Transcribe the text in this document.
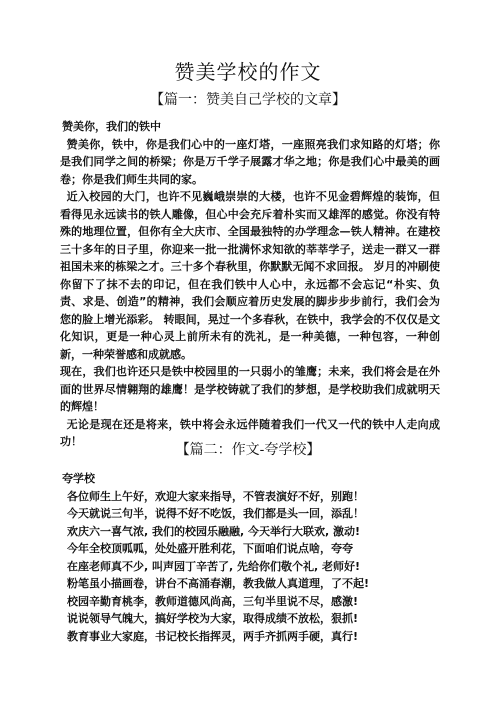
赞美学校的作文
【篇一：赞美自己学校的文章】

赞美你，我们的铁中

赞美你，铁中，你是我们心中的一座灯塔，一座照亮我们求知路的灯塔；你是我们同学之间的桥梁；你是万千学子展露才华之地；你是我们心中最美的画卷；你是我们师生共同的家。

近入校园的大门，也许不见巍峨崇崇的大楼，也许不见金碧辉煌的装饰，但看得见永远读书的铁人雕像，但心中会充斥着朴实而又雄浑的感觉。你没有特殊的地理位置，但你有全大庆市、全国最独特的办学理念—铁人精神。在建校三十多年的日子里，你迎来一批一批满怀求知欲的莘莘学子，送走一群又一群祖国未来的栋梁之才。三十多个春秋里，你默默无闻不求回报。 岁月的冲刷使你留下了抹不去的印记，但在我们铁中人心中，永远都不会忘记“朴实、负责、求是、创造”的精神，我们会顺应着历史发展的脚步步步前行，我们会为您的脸上增光添彩。 转眼间，晃过一个多春秋，在铁中，我学会的不仅仅是文化知识，更是一种心灵上前所未有的洗礼，是一种美德，一种包容，一种创新，一种荣誉感和成就感。

现在，我们也许还只是铁中校园里的一只弱小的雏鹰；未来，我们将会是在外面的世界尽情翱翔的雄鹰！是学校铸就了我们的梦想，是学校助我们成就明天的辉煌！

无论是现在还是将来，铁中将会永远伴随着我们一代又一代的铁中人走向成功！

【篇二：作文-夸学校】

夸学校

各位师生上午好，欢迎大家来指导，不管表演好不好，别跑！

今天就说三句半，说得不好不吃饭，我们都是头一回，添乱！

欢庆六一喜气浓, 我们的校园乐融融, 今天举行大联欢, 激动!

今年全校顶呱呱，处处盛开胜利花，下面咱们说点啥，夸夸

在座老师真不少, 叫声园丁辛苦了, 先给你们敬个礼, 老师好!

粉笔虽小描画卷，讲台不高涌春潮，教我做人真道理，了不起!

校园辛勤育桃李，教师道德风尚高，三句半里说不尽，感激!

说说领导气魄大，搞好学校为大家，取得成绩不放松，狠抓!

教育事业大家庭，书记校长指挥灵，两手齐抓两手硬，真行!
